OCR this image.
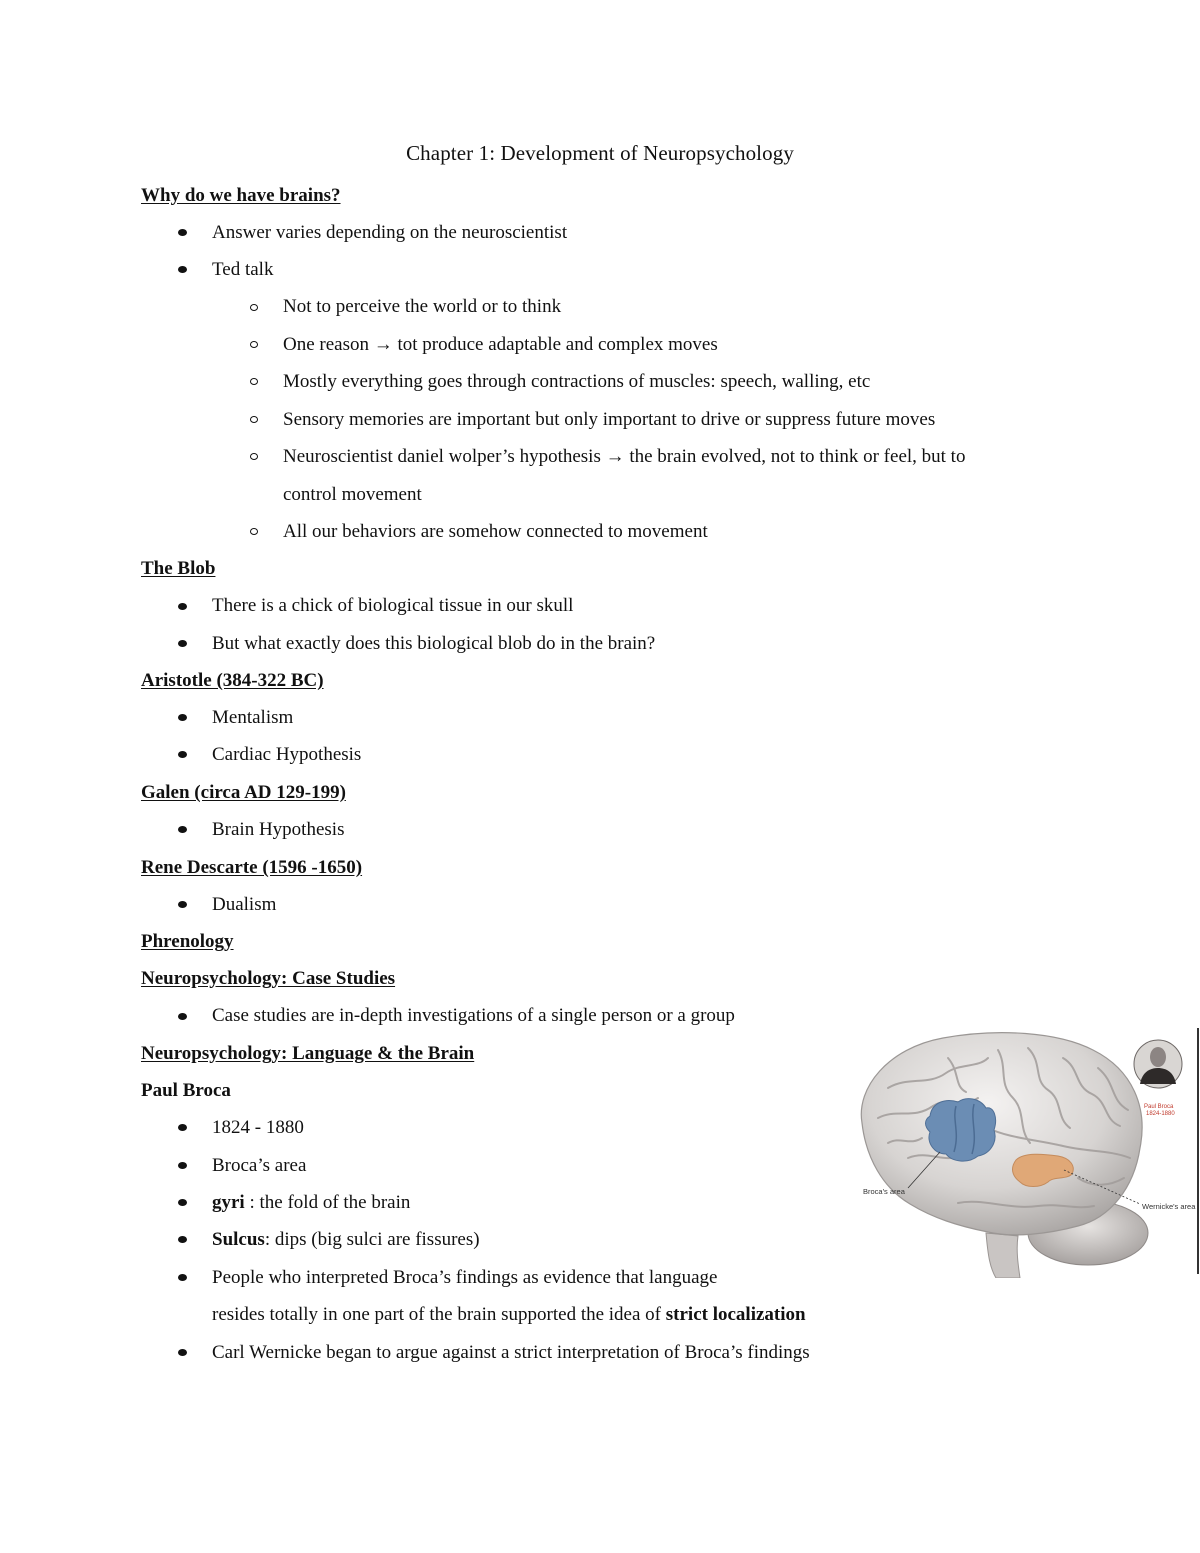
Chapter 1: Development of Neuropsychology
Why do we have brains?
Answer varies depending on the neuroscientist
Ted talk
Not to perceive the world or to think
One reason → tot produce adaptable and complex moves
Mostly everything goes through contractions of muscles: speech, walling, etc
Sensory memories are important but only important to drive or suppress future moves
Neuroscientist daniel wolper’s hypothesis → the brain evolved, not to think or feel, but to
control movement
All our behaviors are somehow connected to movement
The Blob
There is a chick of biological tissue in our skull
But what exactly does this biological blob do in the brain?
Aristotle (384-322 BC)
Mentalism
Cardiac Hypothesis
Galen (circa AD 129-199)
Brain Hypothesis
Rene Descarte (1596 -1650)
Dualism
Phrenology
Neuropsychology: Case Studies
Case studies are in-depth investigations of a single person or a group
Neuropsychology: Language & the Brain
Paul Broca
1824 - 1880
Broca’s area
gyri : the fold of the brain
Sulcus: dips (big sulci are fissures)
People who interpreted Broca’s findings as evidence that language
resides totally in one part of the brain supported the idea of strict localization
Carl Wernicke began to argue against a strict interpretation of Broca’s findings
Broca's area
Wernicke's area
Paul Broca
1824-1880
